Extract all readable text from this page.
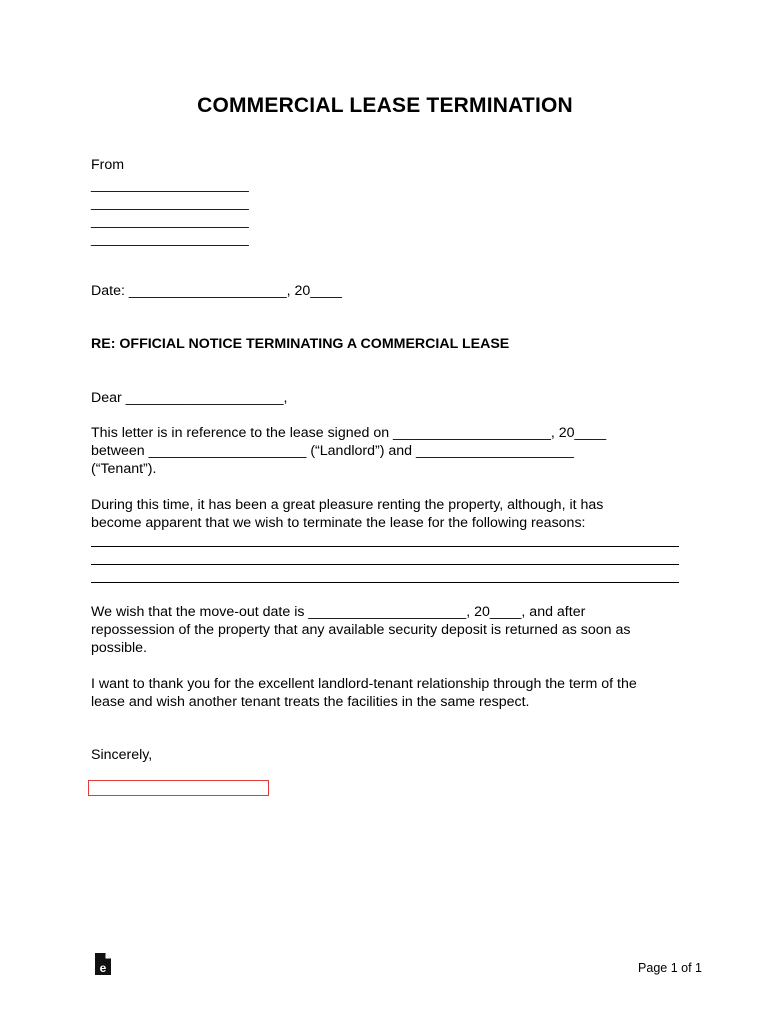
COMMERCIAL LEASE TERMINATION
From
____________________
____________________
____________________
____________________
Date: ____________________, 20____
RE: OFFICIAL NOTICE TERMINATING A COMMERCIAL LEASE
Dear ____________________,
This letter is in reference to the lease signed on ____________________, 20____
between ____________________ (“Landlord”) and ____________________
(“Tenant”).
During this time, it has been a great pleasure renting the property, although, it has
become apparent that we wish to terminate the lease for the following reasons:
We wish that the move-out date is ____________________, 20____, and after
repossession of the property that any available security deposit is returned as soon as
possible.
I want to thank you for the excellent landlord-tenant relationship through the term of the
lease and wish another tenant treats the facilities in the same respect.
Sincerely,
e	Page 1 of 1
